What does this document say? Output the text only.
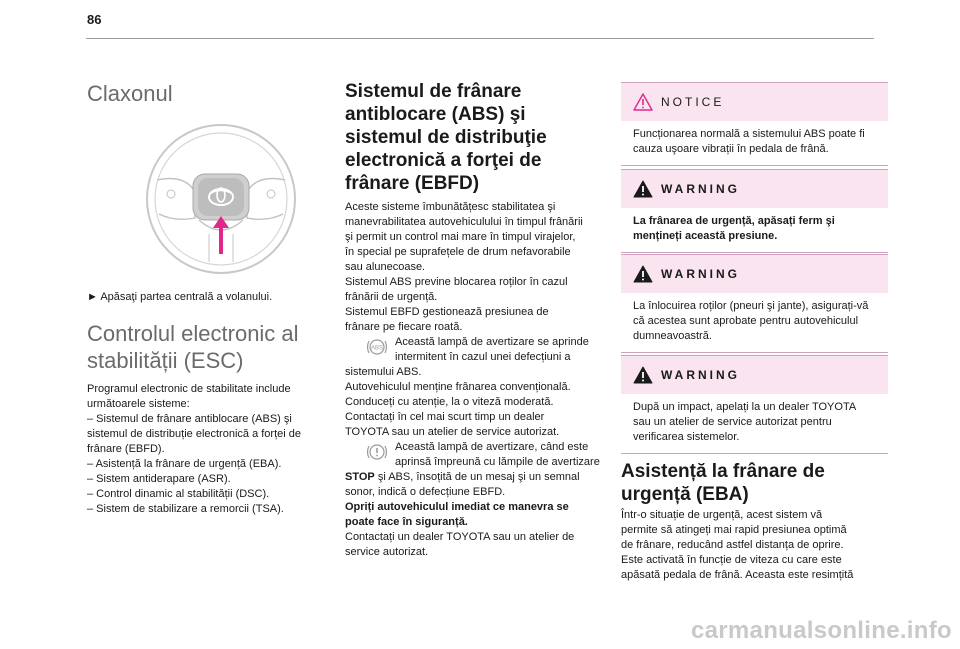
86
Claxonul
► Apăsaţi partea centrală a volanului.
Controlul electronic al
stabilității (ESC)

Programul electronic de stabilitate include

următoarele sisteme:

– Sistemul de frânare antiblocare (ABS) şi

sistemul de distribuție electronică a forței de

frânare (EBFD).

– Asistență la frânare de urgență (EBA).

– Sistem antiderapare (ASR).

– Control dinamic al stabilității (DSC).

– Sistem de stabilizare a remorcii (TSA).

Sistemul de frânare
antiblocare (ABS) şi
sistemul de distribuţie
electronică a forţei de
frânare (EBFD)

Aceste sisteme îmbunătățesc stabilitatea şi

manevrabilitatea autovehiculului în timpul frânării

şi permit un control mai mare în timpul virajelor,

în special pe suprafețele de drum nefavorabile

sau alunecoase.

Sistemul ABS previne blocarea roților în cazul

frânării de urgență.

Sistemul EBFD gestionează presiunea de

frânare pe fiecare roată.

ABS

Această lampă de avertizare se aprinde

intermitent în cazul unei defecțiuni a

sistemului ABS.

Autovehiculul menține frânarea convențională.

Conduceți cu atenție, la o viteză moderată.

Contactați în cel mai scurt timp un dealer

TOYOTA sau un atelier de service autorizat.

Această lampă de avertizare, când este

aprinsă împreună cu lămpile de avertizare

STOP şi ABS, însoțită de un mesaj şi un semnal

sonor, indică o defecțiune EBFD.

Opriți autovehiculul imediat ce manevra se

poate face în siguranță.

Contactați un dealer TOYOTA sau un atelier de

service autorizat.

NOTICE
Funcționarea normală a sistemului ABS poate fi cauza uşoare vibrații în pedala de frână.
WARNING
La frânarea de urgență, apăsați ferm şi mențineți această presiune.
WARNING
La înlocuirea roților (pneuri şi jante), asigurați-vă că acestea sunt aprobate pentru autovehiculul dumneavoastră.
WARNING
După un impact, apelați la un dealer TOYOTA sau un atelier de service autorizat pentru verificarea sistemelor.
Asistență la frânare de
urgență (EBA)

Într-o situație de urgență, acest sistem vă

permite să atingeți mai rapid presiunea optimă

de frânare, reducând astfel distanța de oprire.

Este activată în funcție de viteza cu care este

apăsată pedala de frână. Aceasta este resimțită

carmanualsonline.info
